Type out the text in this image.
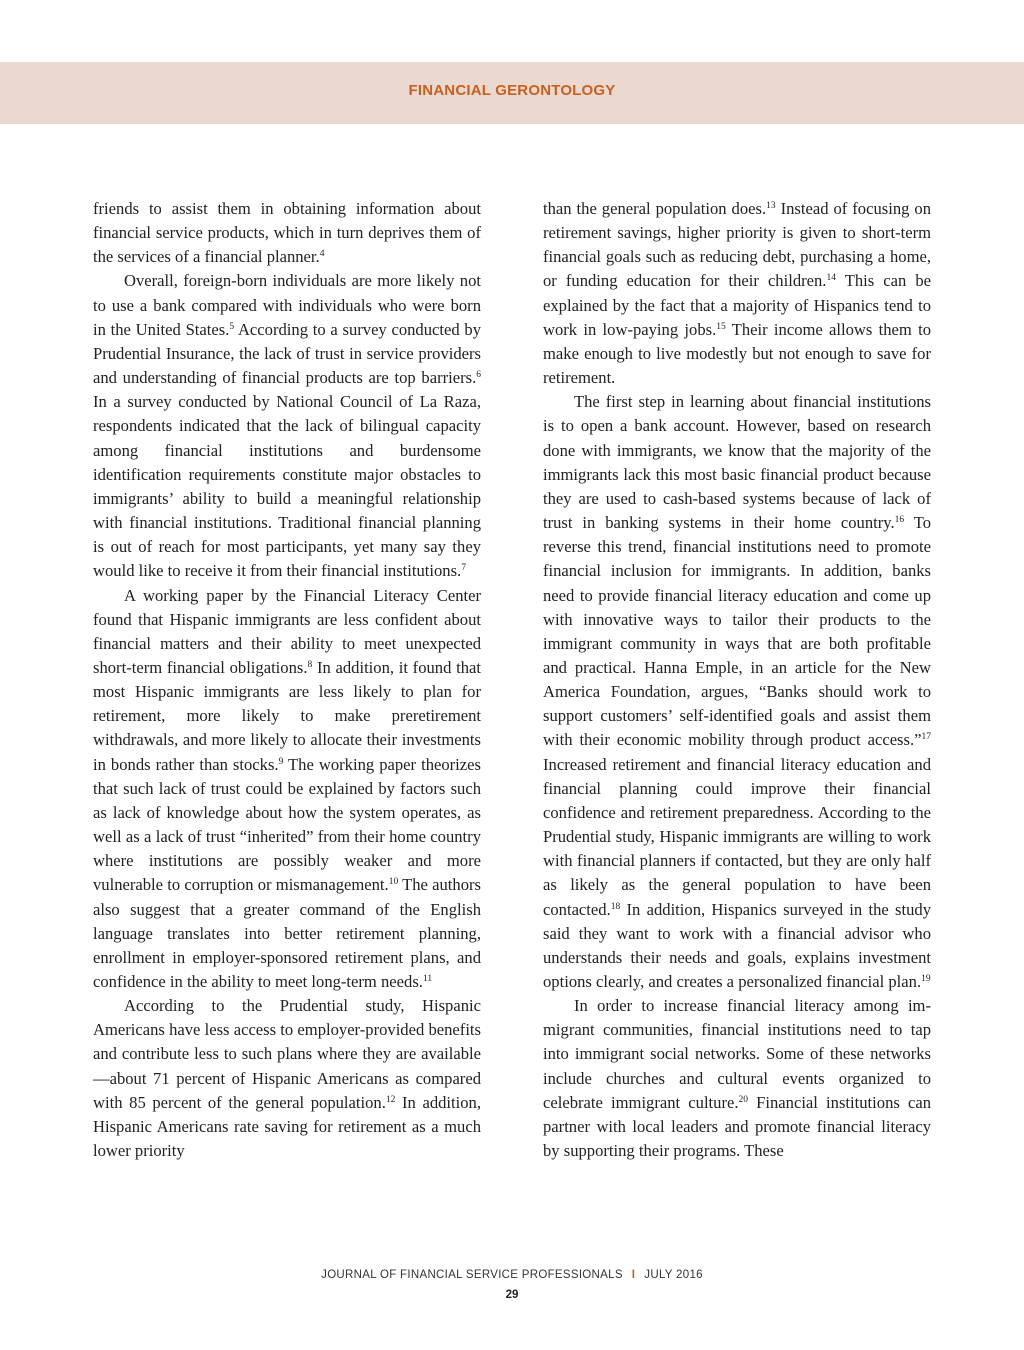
FINANCIAL GERONTOLOGY

friends to assist them in obtaining information about financial service products, which in turn deprives them of the services of a financial planner.$^4$

Overall, foreign-born individuals are more likely not to use a bank compared with individuals who were born in the United States.$^5$ According to a survey conducted by Prudential Insurance, the lack of trust in service providers and understanding of financial products are top barriers.$^6$ In a survey conducted by National Council of La Raza, respondents indicated that the lack of bilingual capacity among financial institutions and burdensome identification requirements constitute major obstacles to immigrants’ ability to build a meaningful relationship with financial institutions. Traditional financial planning is out of reach for most participants, yet many say they would like to receive it from their financial institutions.$^7$

A working paper by the Financial Literacy Center found that Hispanic immigrants are less confident about financial matters and their ability to meet unexpected short-term financial obligations.$^8$ In addition, it found that most Hispanic immigrants are less likely to plan for retirement, more likely to make preretirement withdrawals, and more likely to allocate their investments in bonds rather than stocks.$^9$ The working paper theorizes that such lack of trust could be explained by factors such as lack of knowledge about how the system operates, as well as a lack of trust “inherited” from their home country where institutions are possibly weaker and more vulnerable to corruption or mismanagement.$^{10}$ The authors also suggest that a greater command of the English language translates into better retirement planning, enrollment in employer-sponsored retirement plans, and confidence in the ability to meet long-term needs.$^{11}$

According to the Prudential study, Hispanic Americans have less access to employer-provided benefits and contribute less to such plans where they are available—about 71 percent of Hispanic Americans as compared with 85 percent of the general population.$^{12}$ In addition, Hispanic Americans rate saving for retirement as a much lower priority

than the general population does.$^{13}$ Instead of focusing on retirement savings, higher priority is given to short-term financial goals such as reducing debt, purchasing a home, or funding education for their children.$^{14}$ This can be explained by the fact that a majority of Hispanics tend to work in low-paying jobs.$^{15}$ Their income allows them to make enough to live modestly but not enough to save for retirement.

The first step in learning about financial institutions is to open a bank account. However, based on research done with immigrants, we know that the majority of the immigrants lack this most basic financial product because they are used to cash-based systems because of lack of trust in banking systems in their home country.$^{16}$ To reverse this trend, financial institutions need to promote financial inclusion for immigrants. In addition, banks need to provide financial literacy education and come up with innovative ways to tailor their products to the immigrant community in ways that are both profitable and practical. Hanna Emple, in an article for the New America Foundation, argues, “Banks should work to support customers’ self-identified goals and assist them with their economic mobility through product access.”$^{17}$ Increased retirement and financial literacy education and financial planning could improve their financial confidence and retirement preparedness. According to the Prudential study, Hispanic immigrants are willing to work with financial planners if contacted, but they are only half as likely as the general population to have been contacted.$^{18}$ In addition, Hispanics surveyed in the study said they want to work with a financial advisor who understands their needs and goals, explains investment options clearly, and creates a personalized financial plan.$^{19}$

In order to increase financial literacy among immigrant communities, financial institutions need to tap into immigrant social networks. Some of these networks include churches and cultural events organized to celebrate immigrant culture.$^{20}$ Financial institutions can partner with local leaders and promote financial literacy by supporting their programs. These

JOURNAL OF FINANCIAL SERVICE PROFESSIONALS I JULY 2016
29
